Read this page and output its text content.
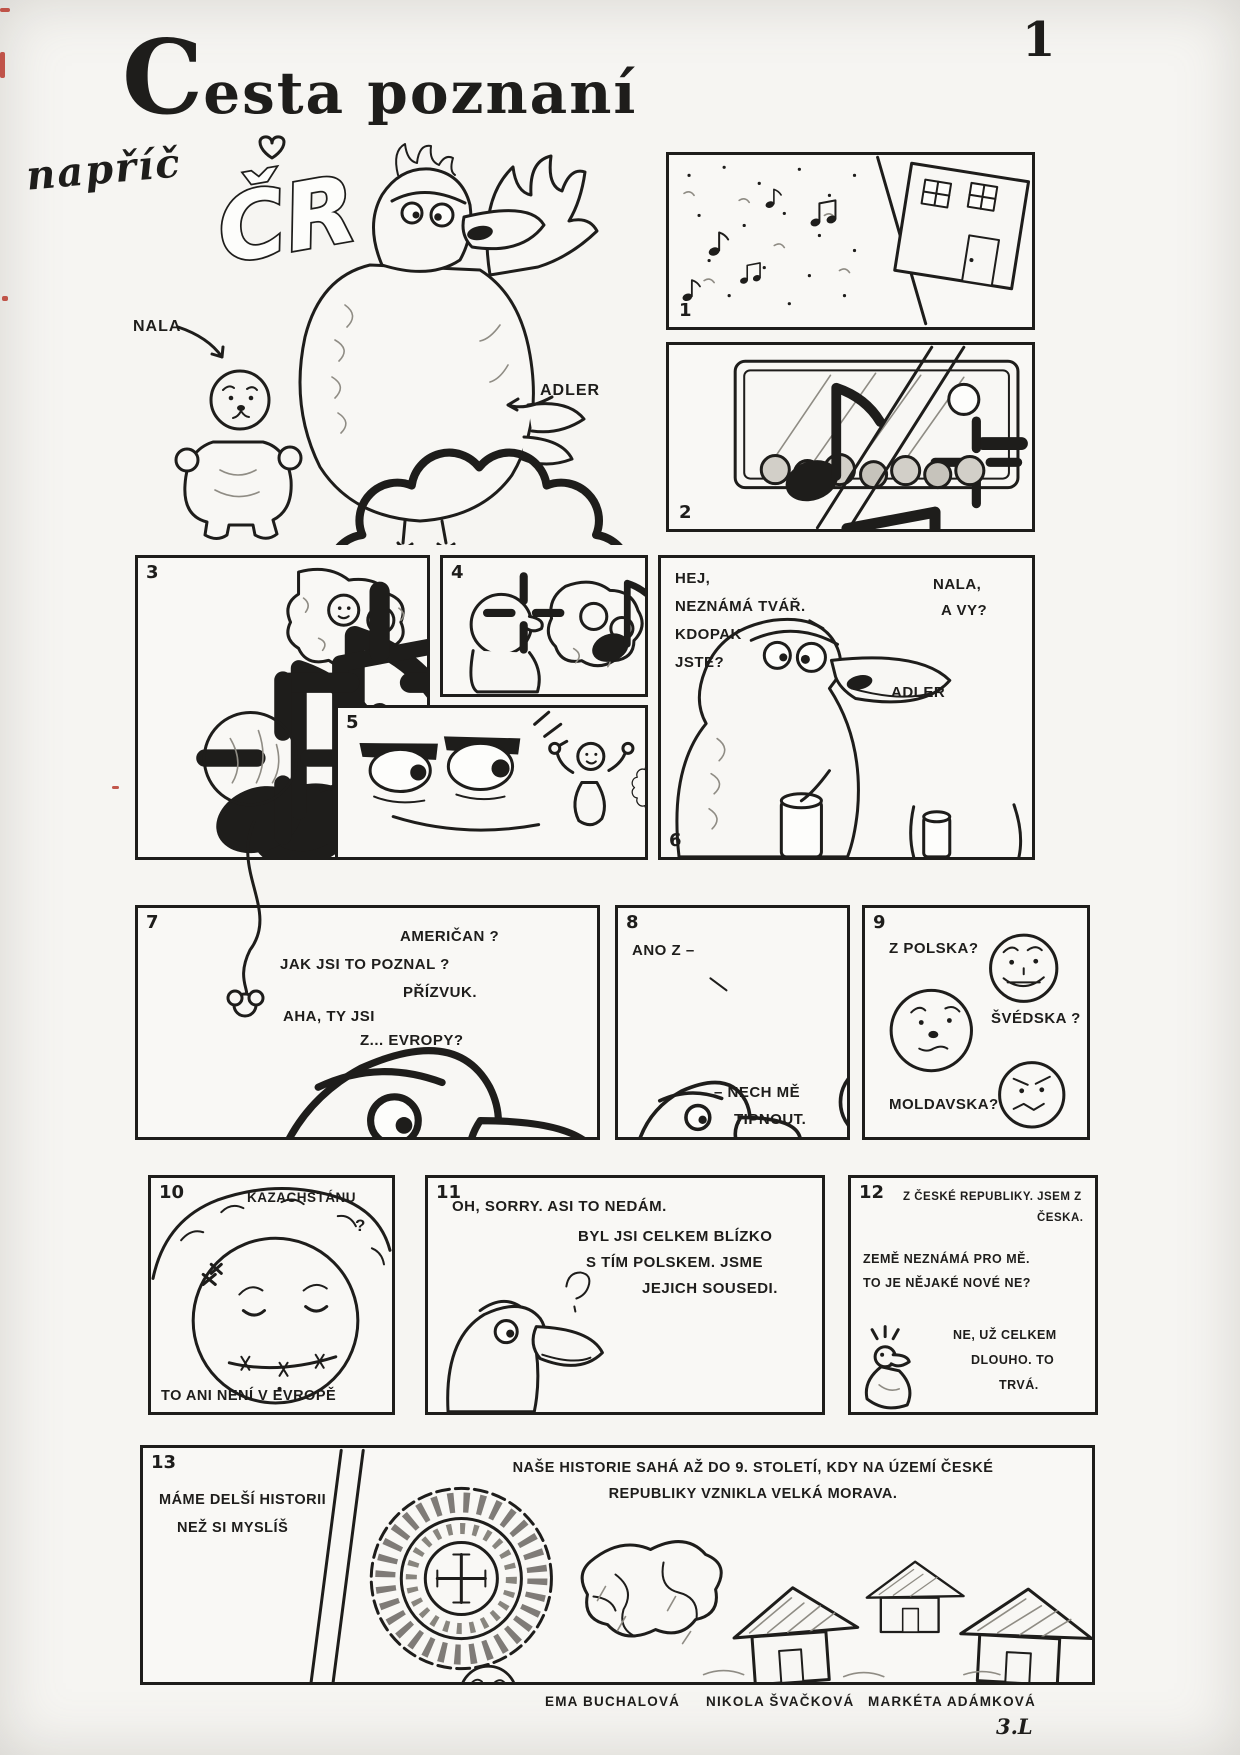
1
Cesta poznaní
napříč ČR
NALA
ADLER
1
2
3	4
5
HEJ,
NEZNÁMÁ TVÁŘ.
KDOPAK
JSTE?
NALA,
A VY?
ADLER
6
AMERIČAN ?
JAK JSI TO POZNAL ?
PŘÍZVUK.
AHA, TY JSI
Z... EVROPY?
7
ANO Z –
– NECH MĚ
TIPNOUT.
8
Z POLSKA?
ŠVÉDSKA ?
MOLDAVSKA?
9
KAZACHSTÁNU
?
TO ANI NENÍ V EVROPĚ
10
OH, SORRY. ASI TO NEDÁM.
BYL JSI CELKEM BLÍZKO
S TÍM POLSKEM. JSME
JEJICH SOUSEDI.
11	Z ČESKÉ REPUBLIKY. JSEM Z
ČESKA.
ZEMĚ NEZNÁMÁ PRO MĚ.
TO JE NĚJAKÉ NOVÉ NE?
NE, UŽ CELKEM
DLOUHO. TO
TRVÁ.
12
MÁME DELŠÍ HISTORII
NEŽ SI MYSLÍŠ
NAŠE HISTORIE SAHÁ AŽ DO 9. STOLETÍ, KDY NA ÚZEMÍ ČESKÉ
REPUBLIKY VZNIKLA VELKÁ MORAVA.
13
EMA BUCHALOVÁ NIKOLA ŠVAČKOVÁ MARKÉTA ADÁMKOVÁ
3.L
